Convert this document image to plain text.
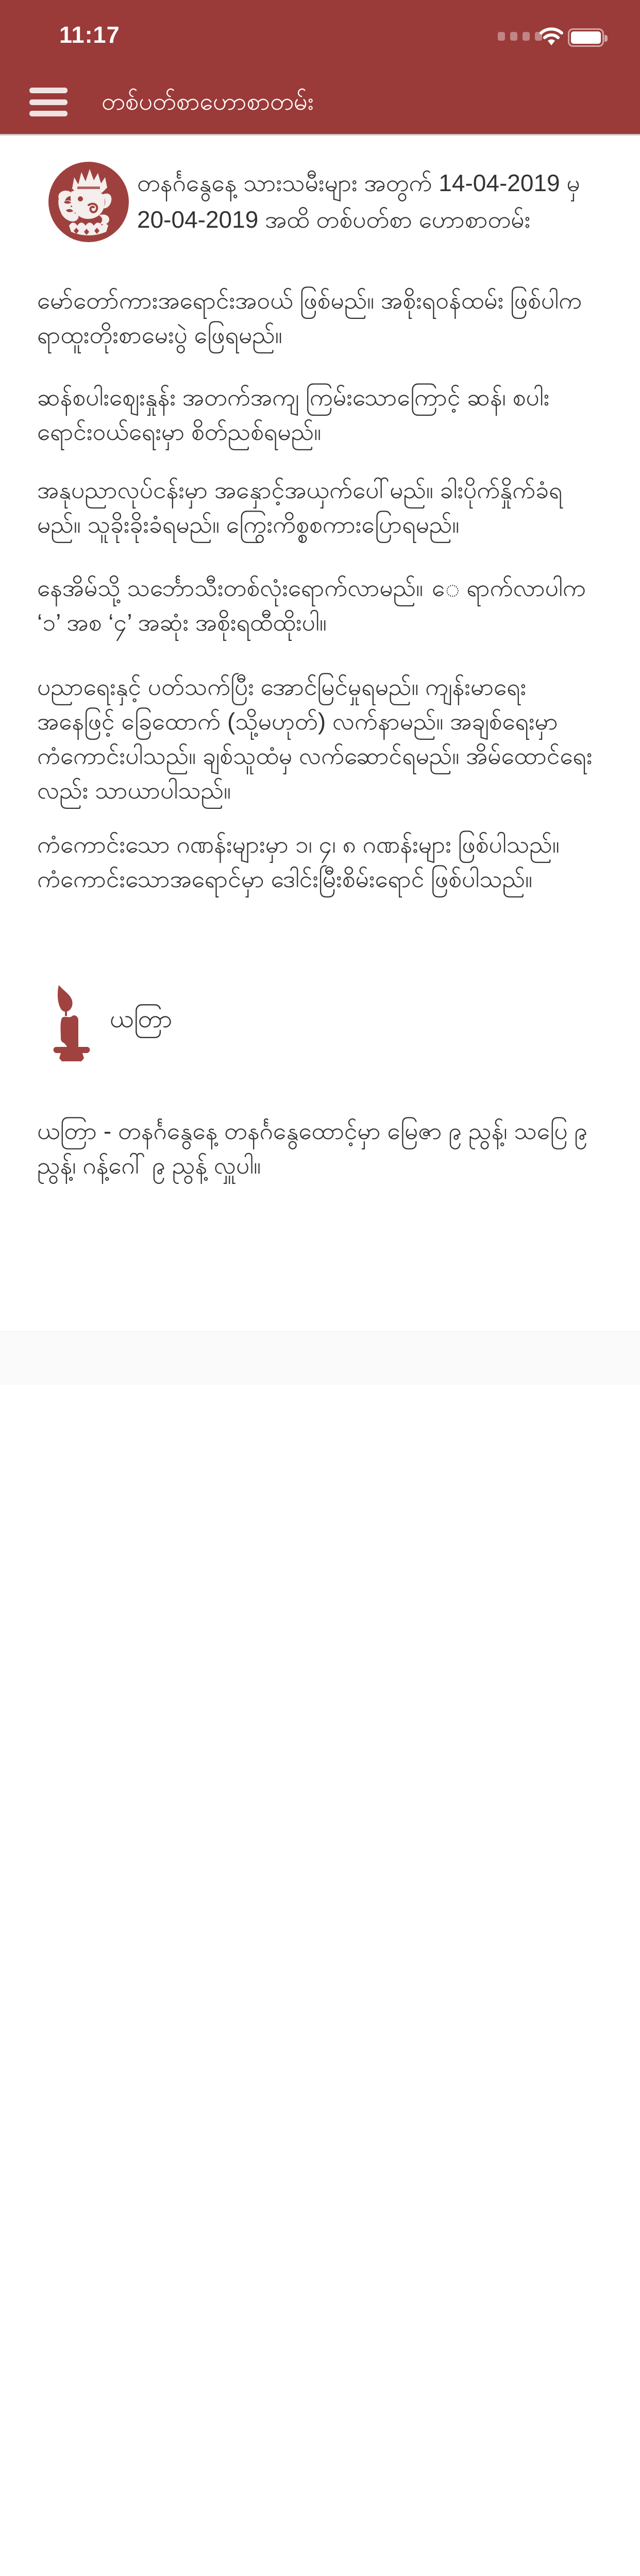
11:17
တစ်ပတ်စာဟောစာတမ်း
တနင်္ဂနွေနေ့ သားသမီးများ အတွက် 14-04-2019 မှ 20-04-2019 အထိ တစ်ပတ်စာ ဟောစာတမ်း

မော်တော်ကားအရောင်းအဝယ် ဖြစ်မည်။ အစိုးရဝန်ထမ်း ဖြစ်ပါက ရာထူးတိုးစာမေးပွဲ ဖြေရမည်။

ဆန်စပါးစျေးနှုန်း အတက်အကျ ကြမ်းသောကြောင့် ဆန်၊ စပါးရောင်းဝယ်ရေးမှာ စိတ်ညစ်ရမည်။

အနုပညာလုပ်ငန်းမှာ အနှောင့်အယှက်ပေါ်မည်။ ခါးပိုက်နှိုက်ခံရမည်။ သူခိုးခိုးခံရမည်။ ကြွေးကိစ္စစကားပြောရမည်။

နေအိမ်သို့ သင်္ဘောသီးတစ်လုံးရောက်လာမည်။ ေ ရာက်လာပါက ‘၁’ အစ ‘၄’ အဆုံး အစိုးရထီထိုးပါ။

ပညာရေးနှင့် ပတ်သက်ပြီး အောင်မြင်မှုရမည်။ ကျန်းမာရေးအနေဖြင့် ခြေထောက် (သို့မဟုတ်) လက်နာမည်။ အချစ်ရေးမှာ ကံကောင်းပါသည်။ ချစ်သူထံမှ လက်ဆောင်ရမည်။ အိမ်ထောင်ရေးလည်း သာယာပါသည်။

ကံကောင်းသော ဂဏန်းများမှာ ၁၊ ၄၊ ၈ ဂဏန်းများ ဖြစ်ပါသည်။ ကံကောင်းသောအရောင်မှာ ဒေါင်းမြီးစိမ်းရောင် ဖြစ်ပါသည်။

ယတြာ

ယတြာ - တနင်္ဂနွေနေ့ တနင်္ဂနွေထောင့်မှာ မြေဇာ ၉ ညွန့်၊ သပြေ ၉ ညွန့်၊ ဂန့်ဂေါ် ၉ ညွန့် လှူပါ။
